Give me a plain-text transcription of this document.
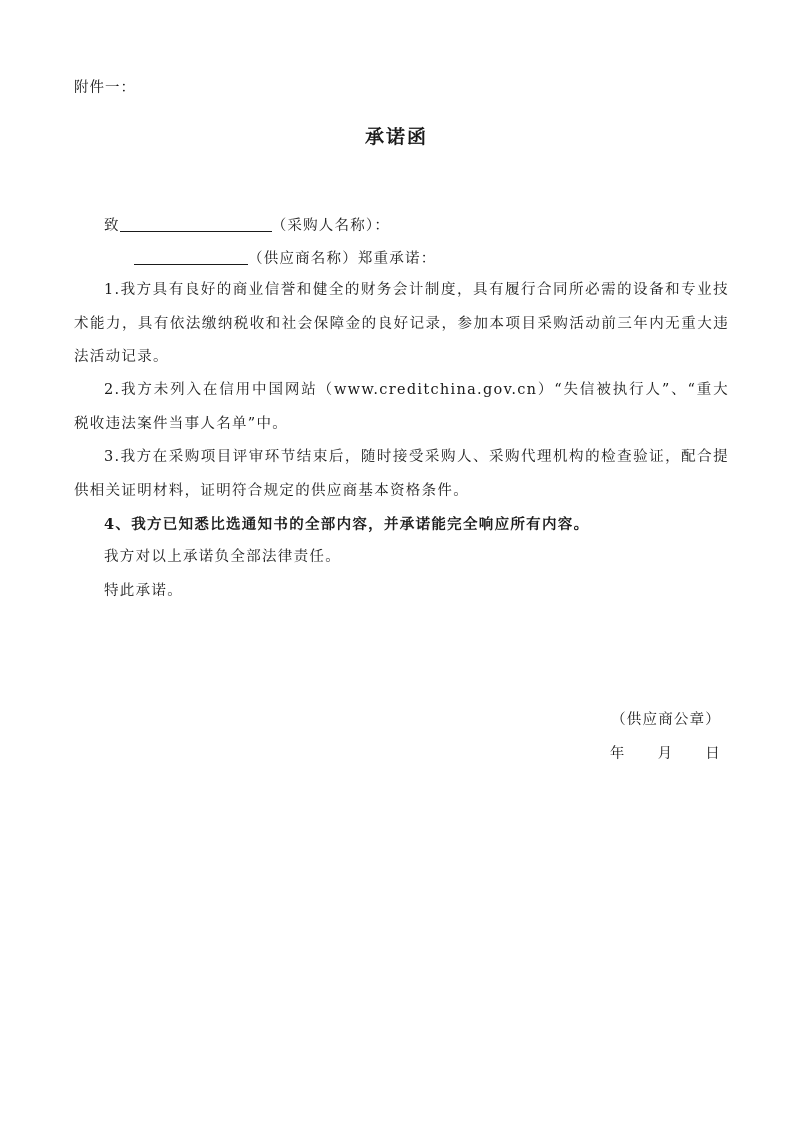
附件一：
承诺函
致	（采购人名称）：
（供应商名称）郑重承诺：

1.我方具有良好的商业信誉和健全的财务会计制度，具有履行合同所必需的设备和专业技术能力，具有依法缴纳税收和社会保障金的良好记录，参加本项目采购活动前三年内无重大违法活动记录。

2.我方未列入在信用中国网站（www.creditchina.gov.cn）“失信被执行人”、“重大税收违法案件当事人名单”中。

3.我方在采购项目评审环节结束后，随时接受采购人、采购代理机构的检查验证，配合提供相关证明材料，证明符合规定的供应商基本资格条件。

4、我方已知悉比选通知书的全部内容，并承诺能完全响应所有内容。

我方对以上承诺负全部法律责任。

特此承诺。

（供应商公章）
年 月 日
